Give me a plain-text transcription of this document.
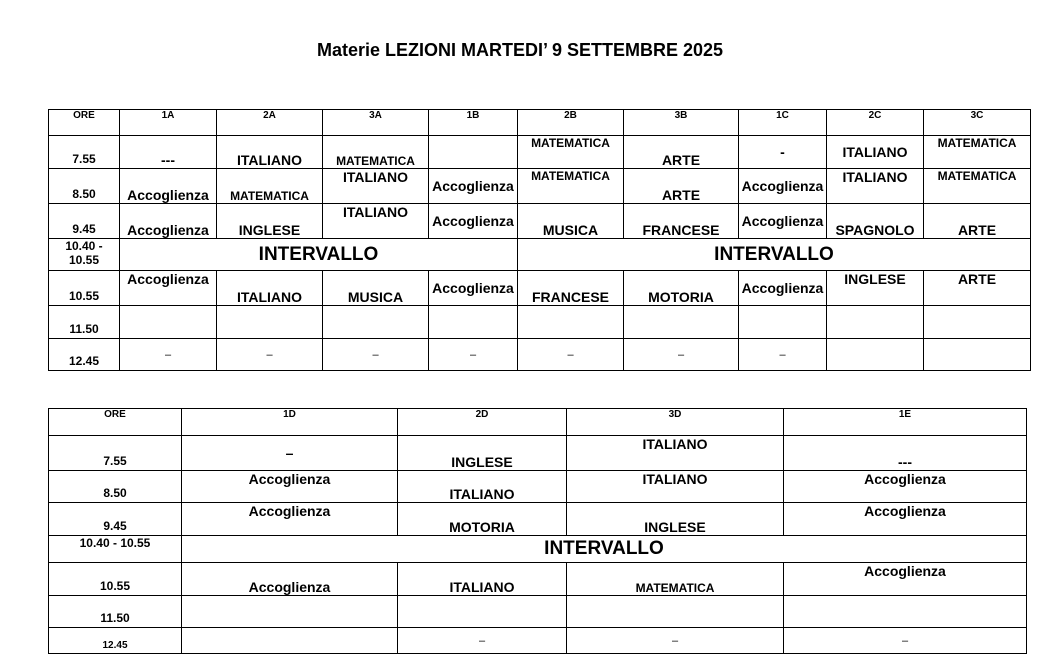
Materie LEZIONI MARTEDI’ 9 SETTEMBRE 2025
ORE	1A	2A	3A	1B	2B	3B	1C	2C	3C
7.55	---	ITALIANO	MATEMATICA		MATEMATICA	ARTE	-	ITALIANO	MATEMATICA
8.50	Accoglienza	MATEMATICA	ITALIANO	Accoglienza	MATEMATICA	ARTE	Accoglienza	ITALIANO	MATEMATICA
9.45	Accoglienza	INGLESE	ITALIANO	Accoglienza	MUSICA	FRANCESE	Accoglienza	SPAGNOLO	ARTE
10.40 - 10.55	INTERVALLO				INTERVALLO				
10.55	Accoglienza	ITALIANO	MUSICA	Accoglienza	FRANCESE	MOTORIA	Accoglienza	INGLESE	ARTE
11.50									
12.45	–	–	–	–	–	–	–		
ORE	1D	2D	3D	1E
7.55	–	INGLESE	ITALIANO	---
8.50	Accoglienza	ITALIANO	ITALIANO	Accoglienza
9.45	Accoglienza	MOTORIA	INGLESE	Accoglienza
10.40 - 10.55	INTERVALLO			
10.55	Accoglienza	ITALIANO	MATEMATICA	Accoglienza
11.50				
12.45		–	–	–
